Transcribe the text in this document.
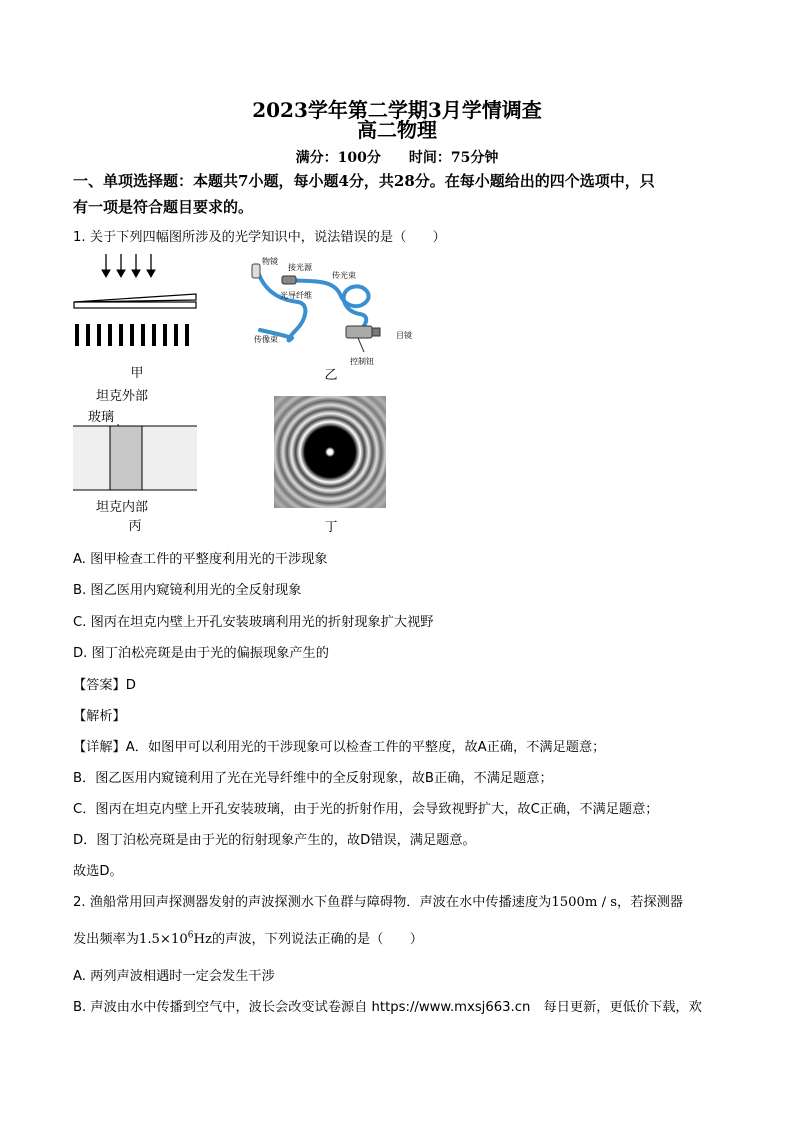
2023学年第二学期3月学情调查
高二物理
满分：100分　　时间：75分钟
一、单项选择题：本题共7小题，每小题4分，共28分。在每小题给出的四个选项中，只
有一项是符合题目要求的。
1. 关于下列四幅图所涉及的光学知识中，说法错误的是（　　）
甲
物镜
接光源
传光束
光导纤维
传像束	目镜
控制钮
乙
坦克外部
玻璃
坦克内部
丙	丁
A. 图甲检查工件的平整度利用光的干涉现象
B. 图乙医用内窥镜利用光的全反射现象
C. 图丙在坦克内壁上开孔安装玻璃利用光的折射现象扩大视野
D. 图丁泊松亮斑是由于光的偏振现象产生的
【答案】D
【解析】
【详解】A．如图甲可以利用光的干涉现象可以检查工件的平整度，故A正确，不满足题意；
B．图乙医用内窥镜利用了光在光导纤维中的全反射现象，故B正确，不满足题意；
C．图丙在坦克内壁上开孔安装玻璃，由于光的折射作用，会导致视野扩大，故C正确，不满足题意；
D．图丁泊松亮斑是由于光的衍射现象产生的，故D错误，满足题意。
故选D。
2. 渔船常用回声探测器发射的声波探测水下鱼群与障碍物．声波在水中传播速度为1500m / s，若探测器
发出频率为$1.5\times 10^6Hz$的声波，下列说法正确的是（　　）
A. 两列声波相遇时一定会发生干涉
B. 声波由水中传播到空气中，波长会改变试卷源自 https://www.mxsj663.cn　每日更新，更低价下载，欢
